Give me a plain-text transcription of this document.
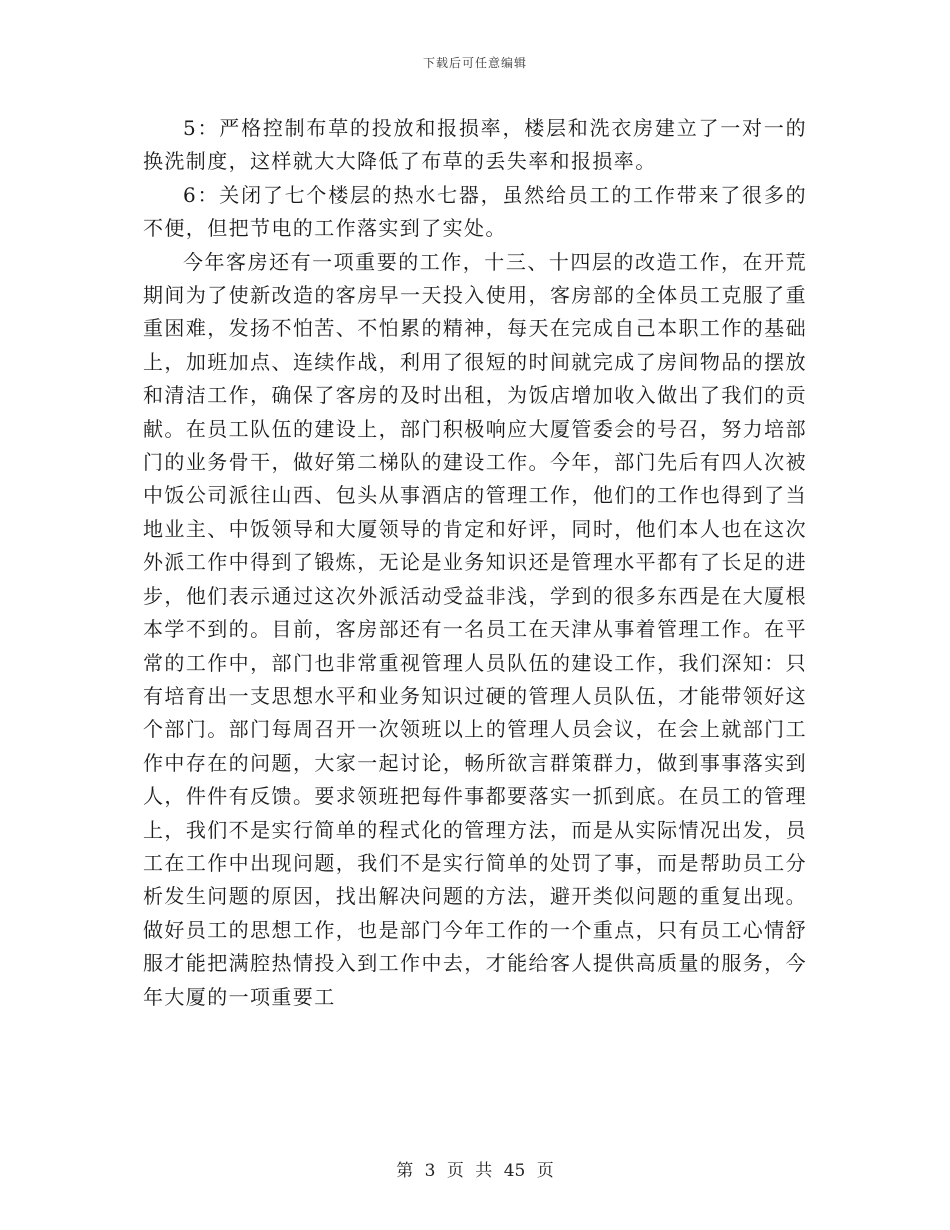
下载后可任意编辑

5：严格控制布草的投放和报损率，楼层和洗衣房建立了一对一的换洗制度，这样就大大降低了布草的丢失率和报损率。

6：关闭了七个楼层的热水七器，虽然给员工的工作带来了很多的不便，但把节电的工作落实到了实处。

今年客房还有一项重要的工作，十三、十四层的改造工作，在开荒期间为了使新改造的客房早一天投入使用，客房部的全体员工克服了重重困难，发扬不怕苦、不怕累的精神，每天在完成自己本职工作的基础上，加班加点、连续作战，利用了很短的时间就完成了房间物品的摆放和清洁工作，确保了客房的及时出租，为饭店增加收入做出了我们的贡献。在员工队伍的建设上，部门积极响应大厦管委会的号召，努力培部门的业务骨干，做好第二梯队的建设工作。今年，部门先后有四人次被中饭公司派往山西、包头从事酒店的管理工作，他们的工作也得到了当地业主、中饭领导和大厦领导的肯定和好评，同时，他们本人也在这次外派工作中得到了锻炼，无论是业务知识还是管理水平都有了长足的进步，他们表示通过这次外派活动受益非浅，学到的很多东西是在大厦根本学不到的。目前，客房部还有一名员工在天津从事着管理工作。在平常的工作中，部门也非常重视管理人员队伍的建设工作，我们深知：只有培育出一支思想水平和业务知识过硬的管理人员队伍，才能带领好这个部门。部门每周召开一次领班以上的管理人员会议，在会上就部门工作中存在的问题，大家一起讨论，畅所欲言群策群力，做到事事落实到人，件件有反馈。要求领班把每件事都要落实一抓到底。在员工的管理上，我们不是实行简单的程式化的管理方法，而是从实际情况出发，员工在工作中出现问题，我们不是实行简单的处罚了事，而是帮助员工分析发生问题的原因，找出解决问题的方法，避开类似问题的重复出现。做好员工的思想工作，也是部门今年工作的一个重点，只有员工心情舒服才能把满腔热情投入到工作中去，才能给客人提供高质量的服务，今年大厦的一项重要工

第 3 页 共 45 页
